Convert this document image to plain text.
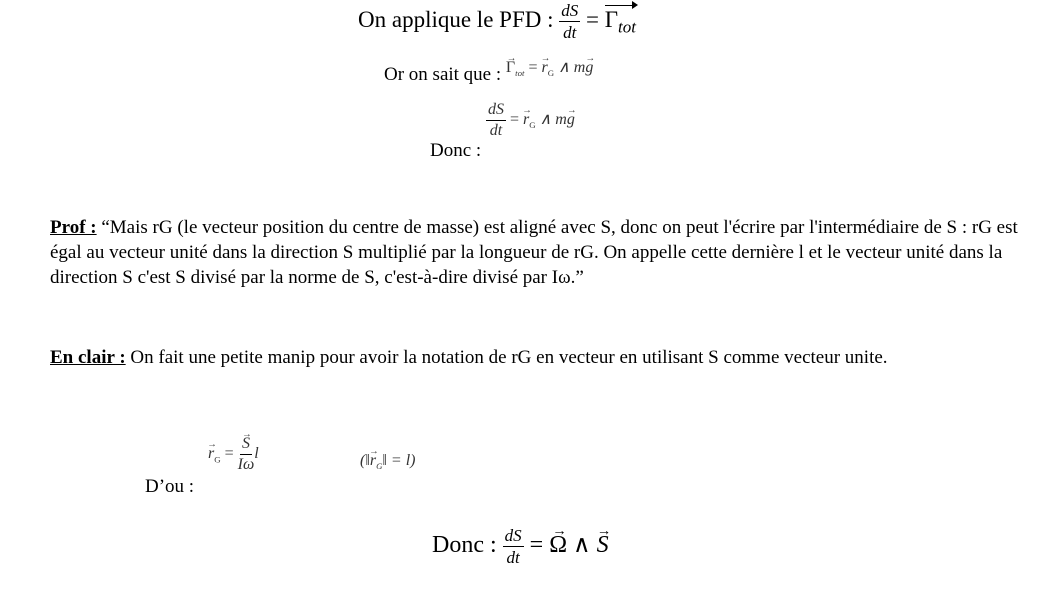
On applique le PFD : $\frac{dS}{dt} = \Gamma_{tot}$
Or on sait que : → $^{\Gamma_{tot} = \to r_G \wedge m\to g}$
Donc :
$\frac{dS}{dt}$ = → $r_G$ ∧ m→ g
Prof : “Mais rG (le vecteur position du centre de masse) est aligné avec S, donc on peut l'écrire par l'intermédiaire de S : rG est égal au vecteur unité dans la direction S multiplié par la longueur de rG. On appelle cette dernière l et le vecteur unité dans la direction S c'est S divisé par la norme de S, c'est-à-dire divisé par Iω.”
En clair : On fait une petite manip pour avoir la notation de rG en vecteur en utilisant S comme vecteur unite.
D’ou :
→ $r_G$ = → $\frac{S}{I\omega}$ l	(‖→ $r_G‖ = l$)
Donc : $\frac{dS}{dt}$ = → Ω ∧ → S
